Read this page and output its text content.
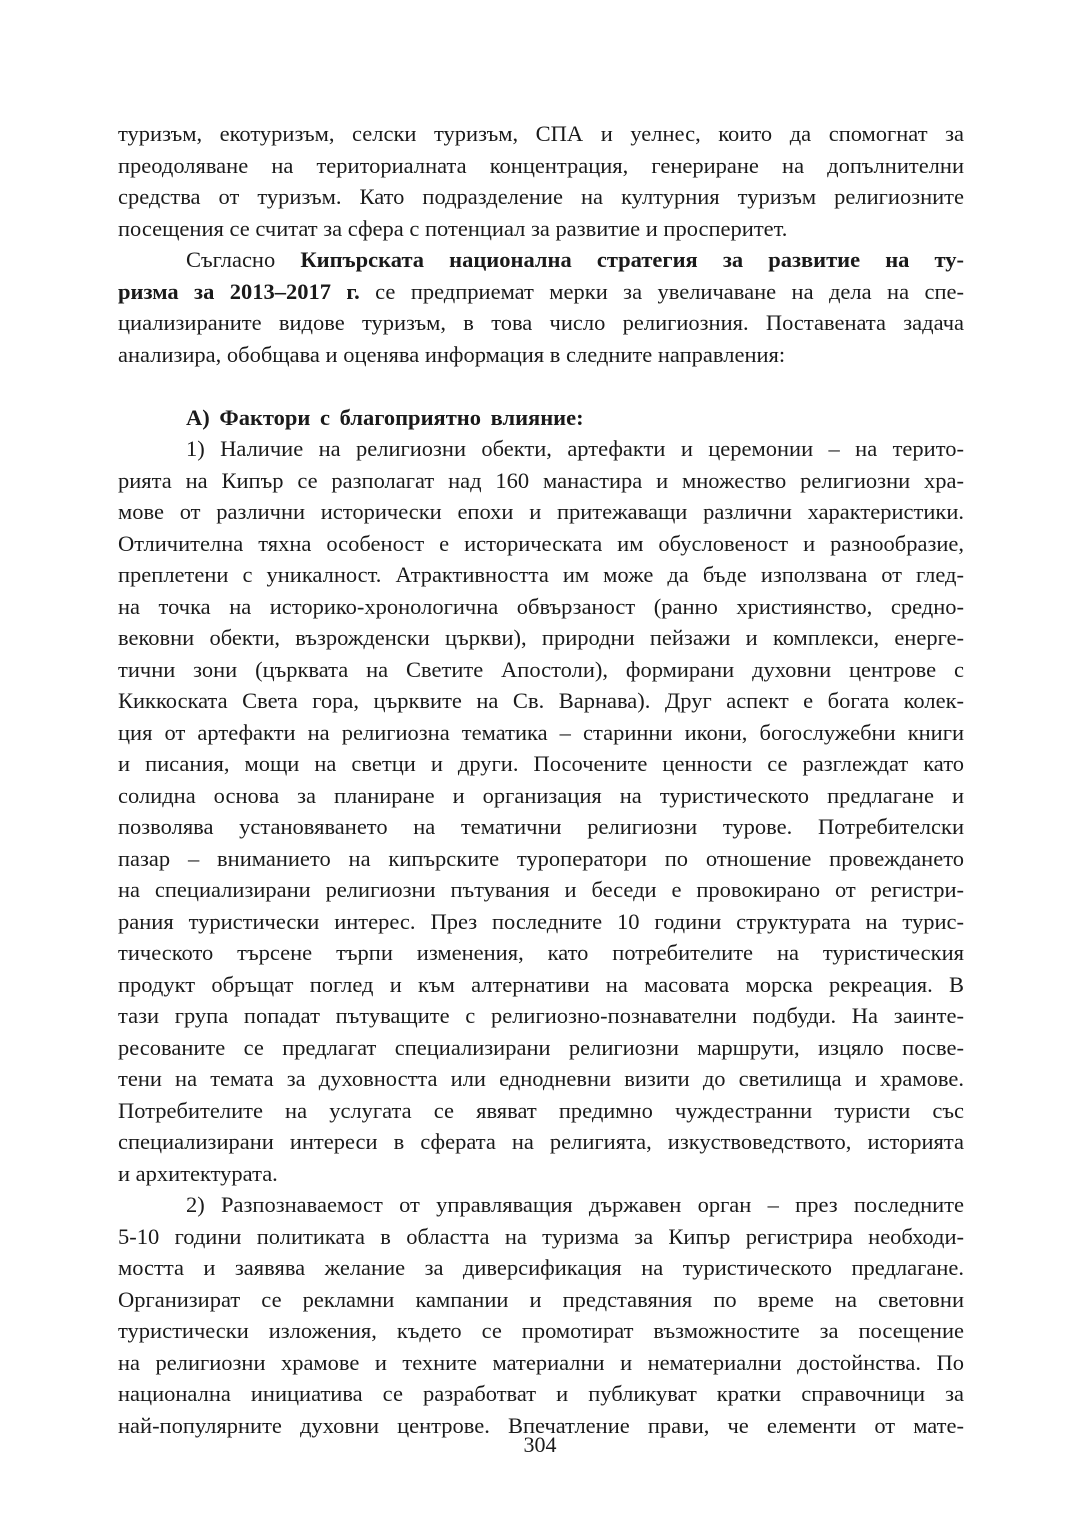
туризъм, екотуризъм, селски туризъм, СПА и уелнес, които да спомогнат за
преодоляване на териториалната концентрация, генериране на допълнителни
средства от туризъм. Като подразделение на културния туризъм религиозните
посещения се считат за сфера с потенциал за развитие и просперитет.
Съгласно Кипърската национална стратегия за развитие на ту-
ризма за 2013–2017 г. се предприемат мерки за увеличаване на дела на спе-
циализираните видове туризъм, в това число религиозния. Поставената задача
анализира, обобщава и оценява информация в следните направления:
А) Фактори с благоприятно влияние:
1) Наличие на религиозни обекти, артефакти и церемонии – на терито-
рията на Кипър се разполагат над 160 манастира и множество религиозни хра-
мове от различни исторически епохи и притежаващи различни характеристики.
Отличителна тяхна особеност е историческата им обусловеност и разнообразие,
преплетени с уникалност. Атрактивността им може да бъде използвана от глед-
на точка на историко-хронологична обвързаност (ранно християнство, средно-
вековни обекти, възрожденски църкви), природни пейзажи и комплекси, енерге-
тични зони (църквата на Светите Апостоли), формирани духовни центрове с
Киккоската Света гора, църквите на Св. Варнава). Друг аспект е богата колек-
ция от артефакти на религиозна тематика – старинни икони, богослужебни книги
и писания, мощи на светци и други. Посочените ценности се разглеждат като
солидна основа за планиране и организация на туристическото предлагане и
позволява установяването на тематични религиозни турове. Потребителски
пазар – вниманието на кипърските туроператори по отношение провеждането
на специализирани религиозни пътувания и беседи е провокирано от регистри-
рания туристически интерес. През последните 10 години структурата на турис-
тическото търсене търпи изменения, като потребителите на туристическия
продукт обръщат поглед и към алтернативи на масовата морска рекреация. В
тази група попадат пътуващите с религиозно-познавателни подбуди. На заинте-
ресованите се предлагат специализирани религиозни маршрути, изцяло посве-
тени на темата за духовността или еднодневни визити до светилища и храмове.
Потребителите на услугата се явяват предимно чуждестранни туристи със
специализирани интереси в сферата на религията, изкуствоведството, историята
и архитектурата.
2) Разпознаваемост от управляващия държавен орган – през последните
5-10 години политиката в областта на туризма за Кипър регистрира необходи-
мостта и заявява желание за диверсификация на туристическото предлагане.
Организират се рекламни кампании и представяния по време на световни
туристически изложения, където се промотират възможностите за посещение
на религиозни храмове и техните материални и нематериални достойнства. По
национална инициатива се разработват и публикуват кратки справочници за
най-популярните духовни центрове. Впечатление прави, че елементи от мате-
304
